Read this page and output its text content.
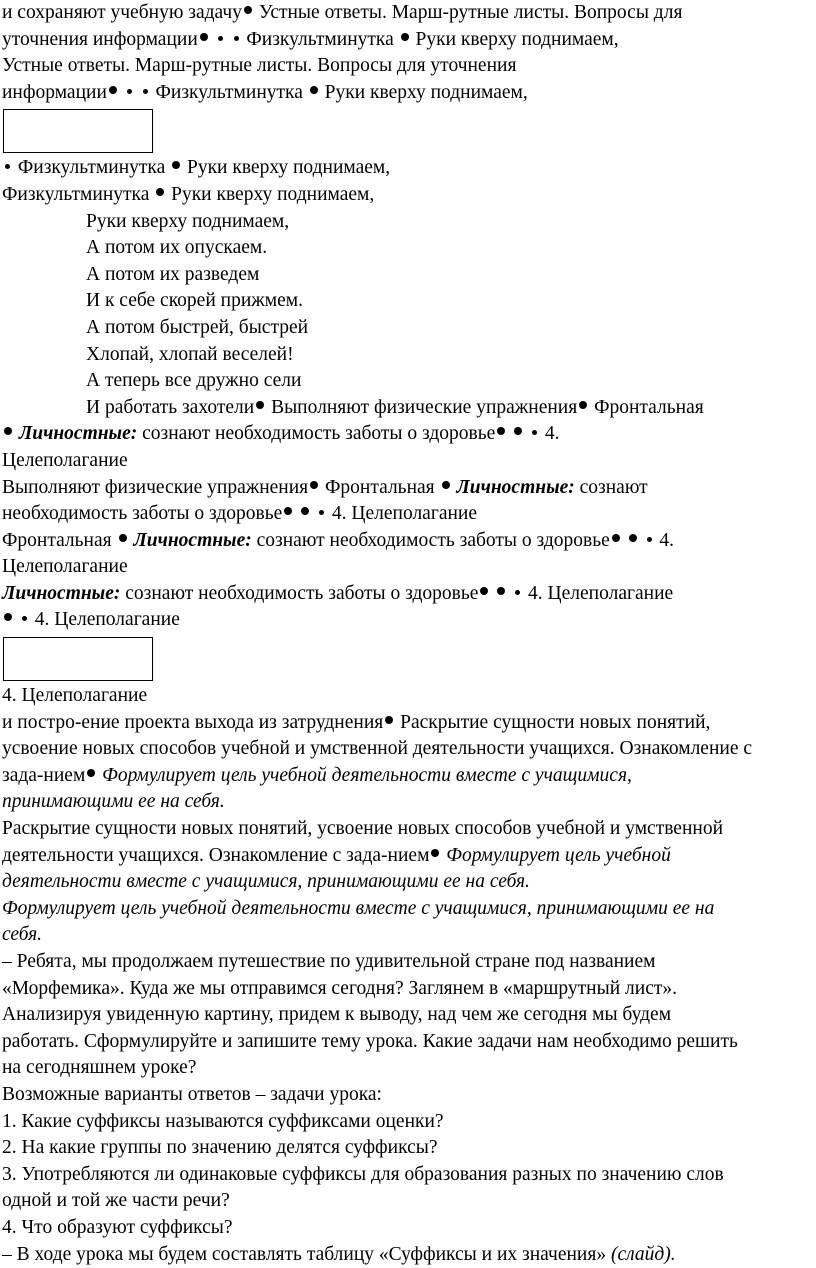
и сохраняют учебную задачу Устные ответы. Марш-рутные листы. Вопросы для
уточнения информации Физкультминутка Руки кверху поднимаем,
Устные ответы. Марш-рутные листы. Вопросы для уточнения
информации Физкультминутка Руки кверху поднимаем,
Физкультминутка Руки кверху поднимаем,
Физкультминутка Руки кверху поднимаем,
Руки кверху поднимаем,
А потом их опускаем.
А потом их разведем
И к себе скорей прижмем.
А потом быстрей, быстрей
Хлопай, хлопай веселей!
А теперь все дружно сели
И работать захотели Выполняют физические упражнения Фронтальная
Личностные: сознают необходимость заботы о здоровье	4.
Целеполагание
Выполняют физические упражнения Фронтальная Личностные: сознают
необходимость заботы о здоровье	4. Целеполагание
Фронтальная Личностные: сознают необходимость заботы о здоровье	4.
Целеполагание
Личностные: сознают необходимость заботы о здоровье	4. Целеполагание
4. Целеполагание
4. Целеполагание
и постро-ение проекта выхода из затруднения Раскрытие сущности новых понятий,
усвоение новых способов учебной и умственной деятельности учащихся. Ознакомление с
зада-нием Формулирует цель учебной деятельности вместе с учащимися,
принимающими ее на себя.
Раскрытие сущности новых понятий, усвоение новых способов учебной и умственной
деятельности учащихся. Ознакомление с зада-нием Формулирует цель учебной
деятельности вместе с учащимися, принимающими ее на себя.
Формулирует цель учебной деятельности вместе с учащимися, принимающими ее на
себя.
– Ребята, мы продолжаем путешествие по удивительной стране под названием
«Морфемика». Куда же мы отправимся сегодня? Заглянем в «маршрутный лист».
Анализируя увиденную картину, придем к выводу, над чем же сегодня мы будем
работать. Сформулируйте и запишите тему урока. Какие задачи нам необходимо решить
на сегодняшнем уроке?
Возможные варианты ответов – задачи урока:
1. Какие суффиксы называются суффиксами оценки?
2. На какие группы по значению делятся суффиксы?
3. Употребляются ли одинаковые суффиксы для образования разных по значению слов
одной и той же части речи?
4. Что образуют суффиксы?
– В ходе урока мы будем составлять таблицу «Суффиксы и их значения» (слайд).
